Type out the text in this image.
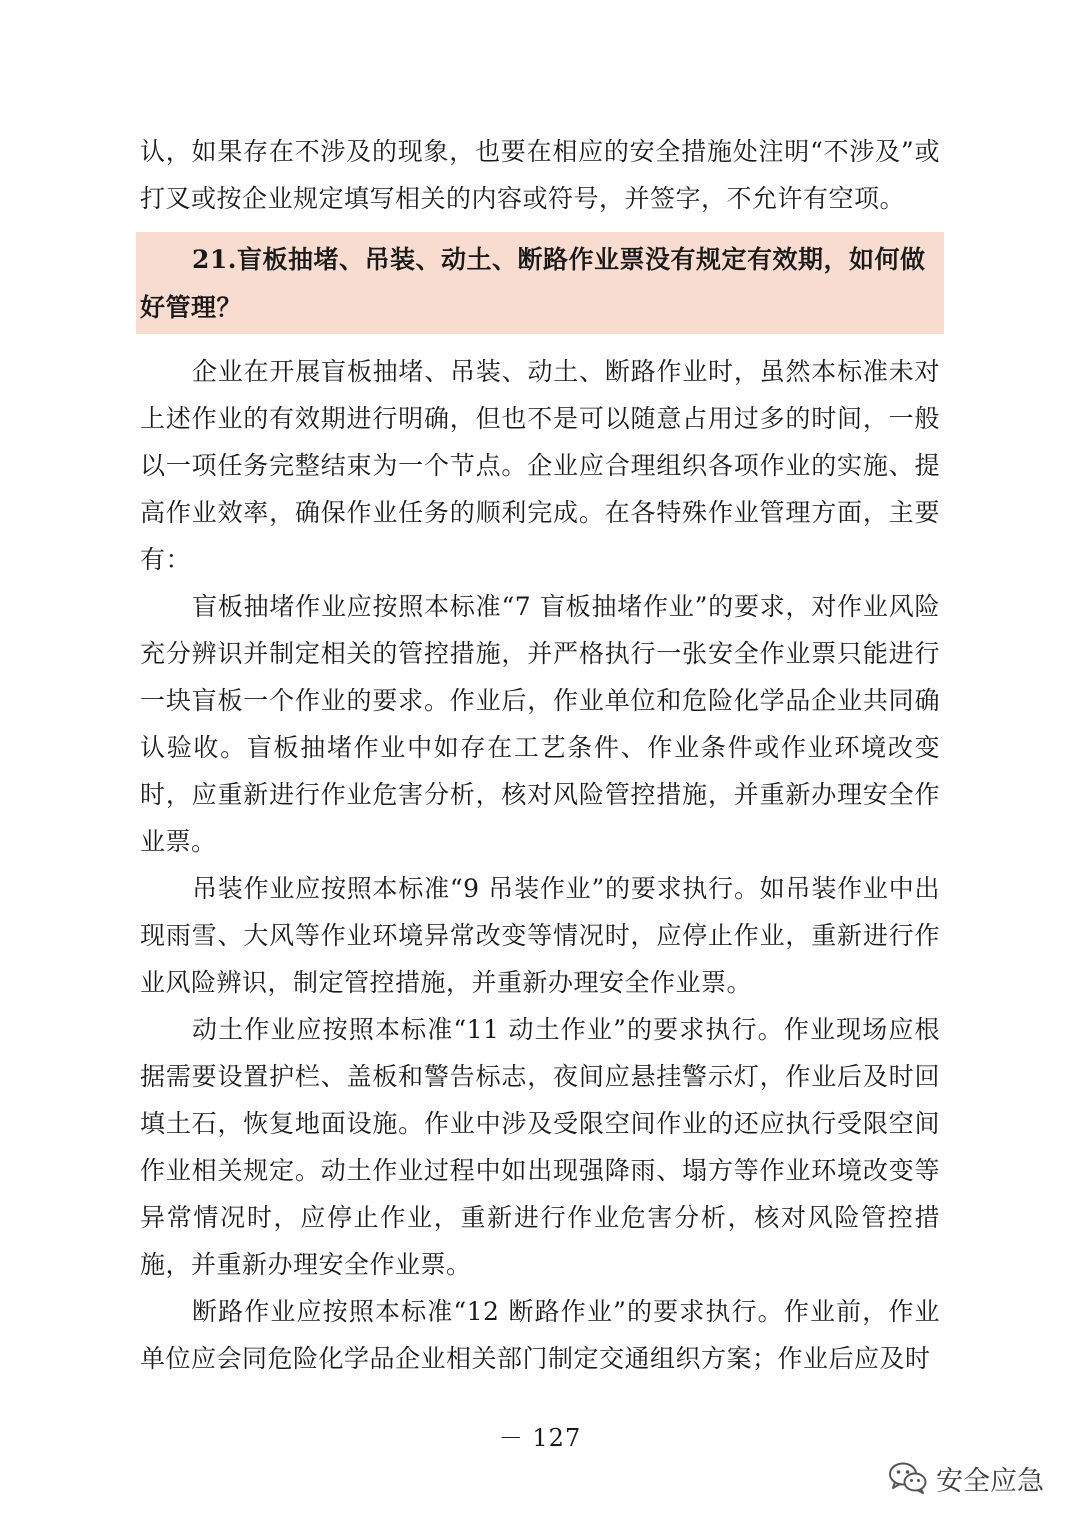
认，如果存在不涉及的现象，也要在相应的安全措施处注明“不涉及”或打叉或按企业规定填写相关的内容或符号，并签字，不允许有空项。

21.盲板抽堵、吊装、动土、断路作业票没有规定有效期，如何做好管理？

企业在开展盲板抽堵、吊装、动土、断路作业时，虽然本标准未对上述作业的有效期进行明确，但也不是可以随意占用过多的时间，一般以一项任务完整结束为一个节点。企业应合理组织各项作业的实施、提高作业效率，确保作业任务的顺利完成。在各特殊作业管理方面，主要有：

盲板抽堵作业应按照本标准“7 盲板抽堵作业”的要求，对作业风险充分辨识并制定相关的管控措施，并严格执行一张安全作业票只能进行一块盲板一个作业的要求。作业后，作业单位和危险化学品企业共同确认验收。盲板抽堵作业中如存在工艺条件、作业条件或作业环境改变时，应重新进行作业危害分析，核对风险管控措施，并重新办理安全作业票。

吊装作业应按照本标准“9 吊装作业”的要求执行。如吊装作业中出现雨雪、大风等作业环境异常改变等情况时，应停止作业，重新进行作业风险辨识，制定管控措施，并重新办理安全作业票。

动土作业应按照本标准“11 动土作业”的要求执行。作业现场应根据需要设置护栏、盖板和警告标志，夜间应悬挂警示灯，作业后及时回填土石，恢复地面设施。作业中涉及受限空间作业的还应执行受限空间作业相关规定。动土作业过程中如出现强降雨、塌方等作业环境改变等异常情况时，应停止作业，重新进行作业危害分析，核对风险管控措施，并重新办理安全作业票。

断路作业应按照本标准“12 断路作业”的要求执行。作业前，作业单位应会同危险化学品企业相关部门制定交通组织方案；作业后应及时

－ 127
安全应急
